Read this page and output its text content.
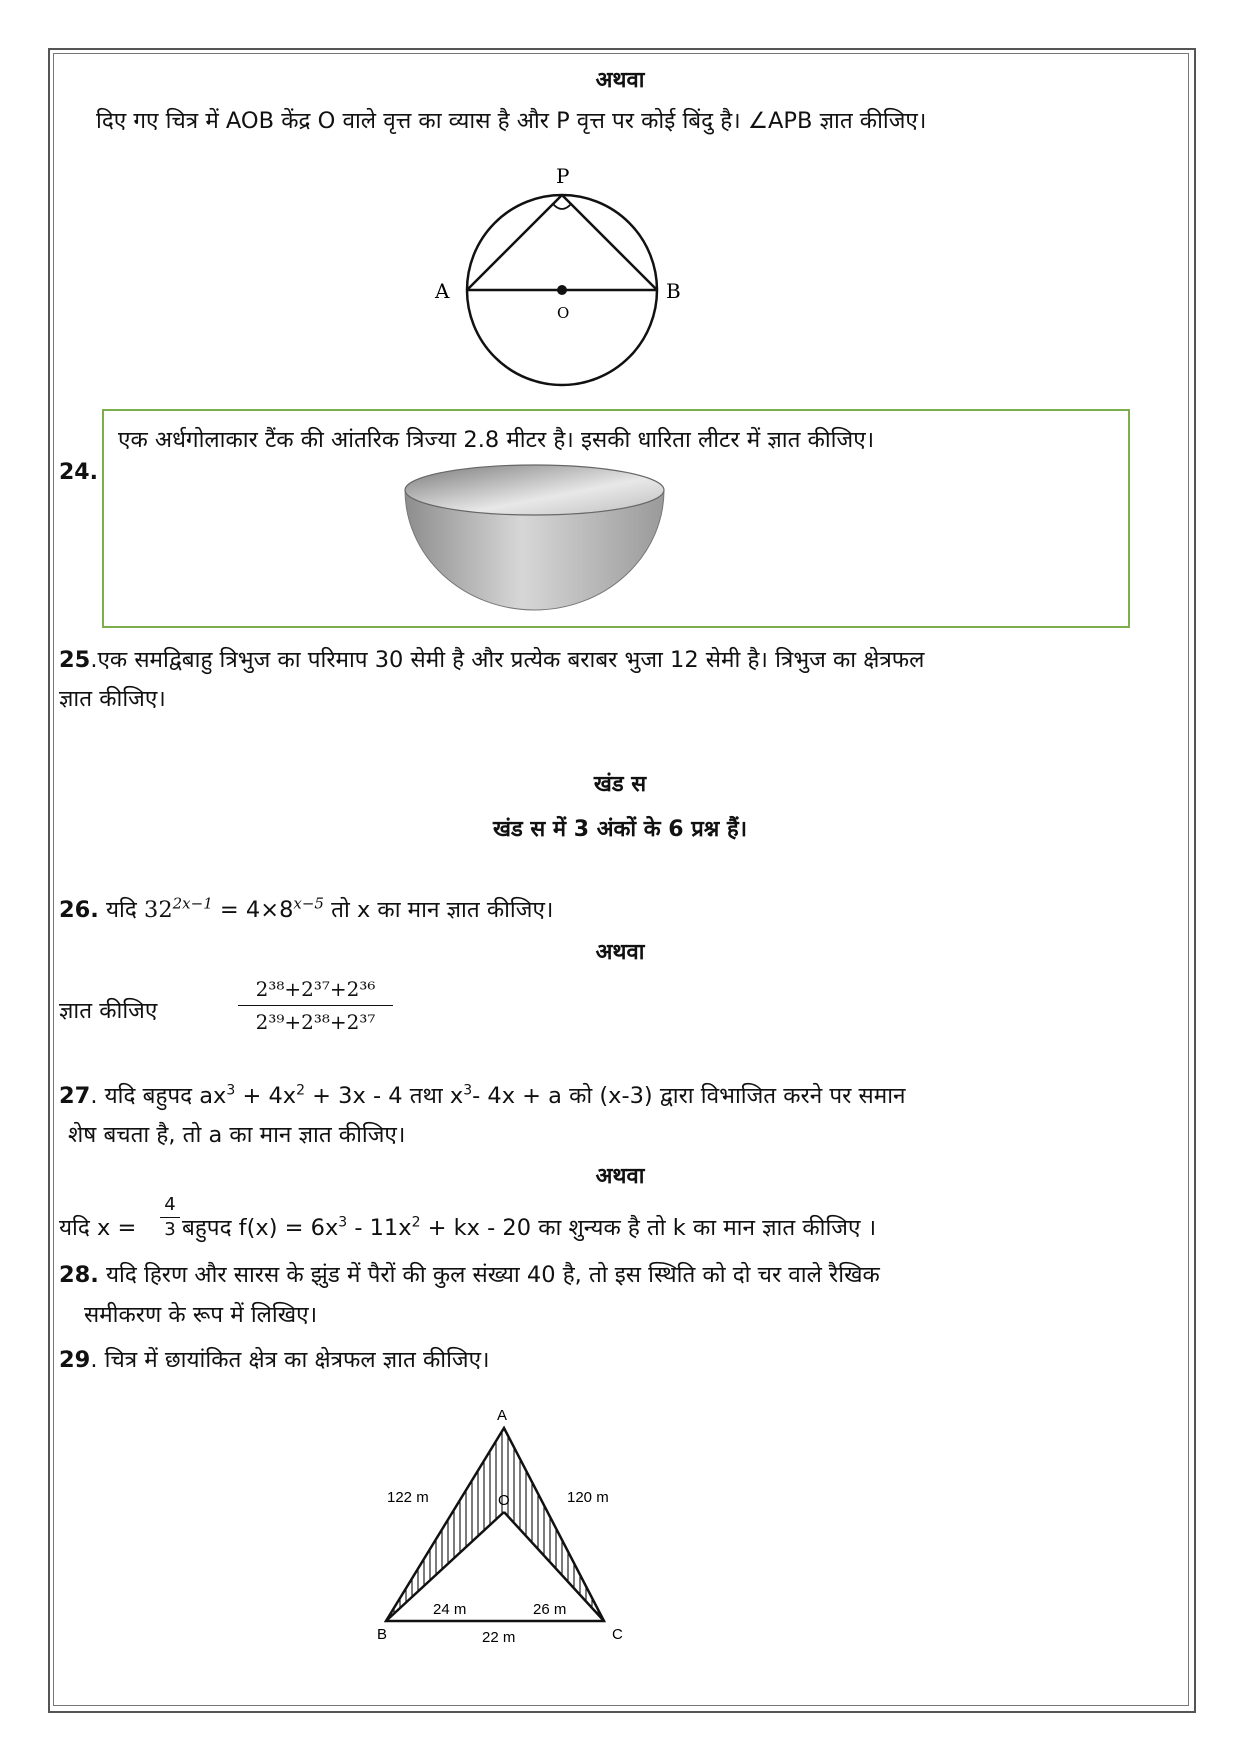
अथवा
दिए गए चित्र में AOB केंद्र O वाले वृत्त का व्यास है और P वृत्त पर कोई बिंदु है। ∠APB ज्ञात कीजिए।
P
A	B
O
24.
एक अर्धगोलाकार टैंक की आंतरिक त्रिज्या 2.8 मीटर है। इसकी धारिता लीटर में ज्ञात कीजिए।
25.एक समद्विबाहु त्रिभुज का परिमाप 30 सेमी है और प्रत्येक बराबर भुजा 12 सेमी है। त्रिभुज का क्षेत्रफल
ज्ञात कीजिए।
खंड स
खंड स में 3 अंकों के 6 प्रश्न हैं।
26. यदि $32^{2x-1} = 4\times 8^{x-5}$ तो x का मान ज्ञात कीजिए।
अथवा
ज्ञात कीजिए
2³⁸+2³⁷+2³⁶
2³⁹+2³⁸+2³⁷
27. यदि बहुपद $ax^3 + 4x^2 + 3x - 4$ तथा $x^3-$ 4x + a को (x-3) द्वारा विभाजित करने पर समान
शेष बचता है, तो a का मान ज्ञात कीजिए।
अथवा
यदि x =
4
3 बहुपद $f(x) = 6x^3 - 11x^2$ + kx - 20 का शुन्यक है तो k का मान ज्ञात कीजिए ।
28. यदि हिरण और सारस के झुंड में पैरों की कुल संख्या 40 है, तो इस स्थिति को दो चर वाले रैखिक
समीकरण के रूप में लिखिए।
29. चित्र में छायांकित क्षेत्र का क्षेत्रफल ज्ञात कीजिए।
A
B	C
O
122 m	120 m
24 m	26 m
22 m
